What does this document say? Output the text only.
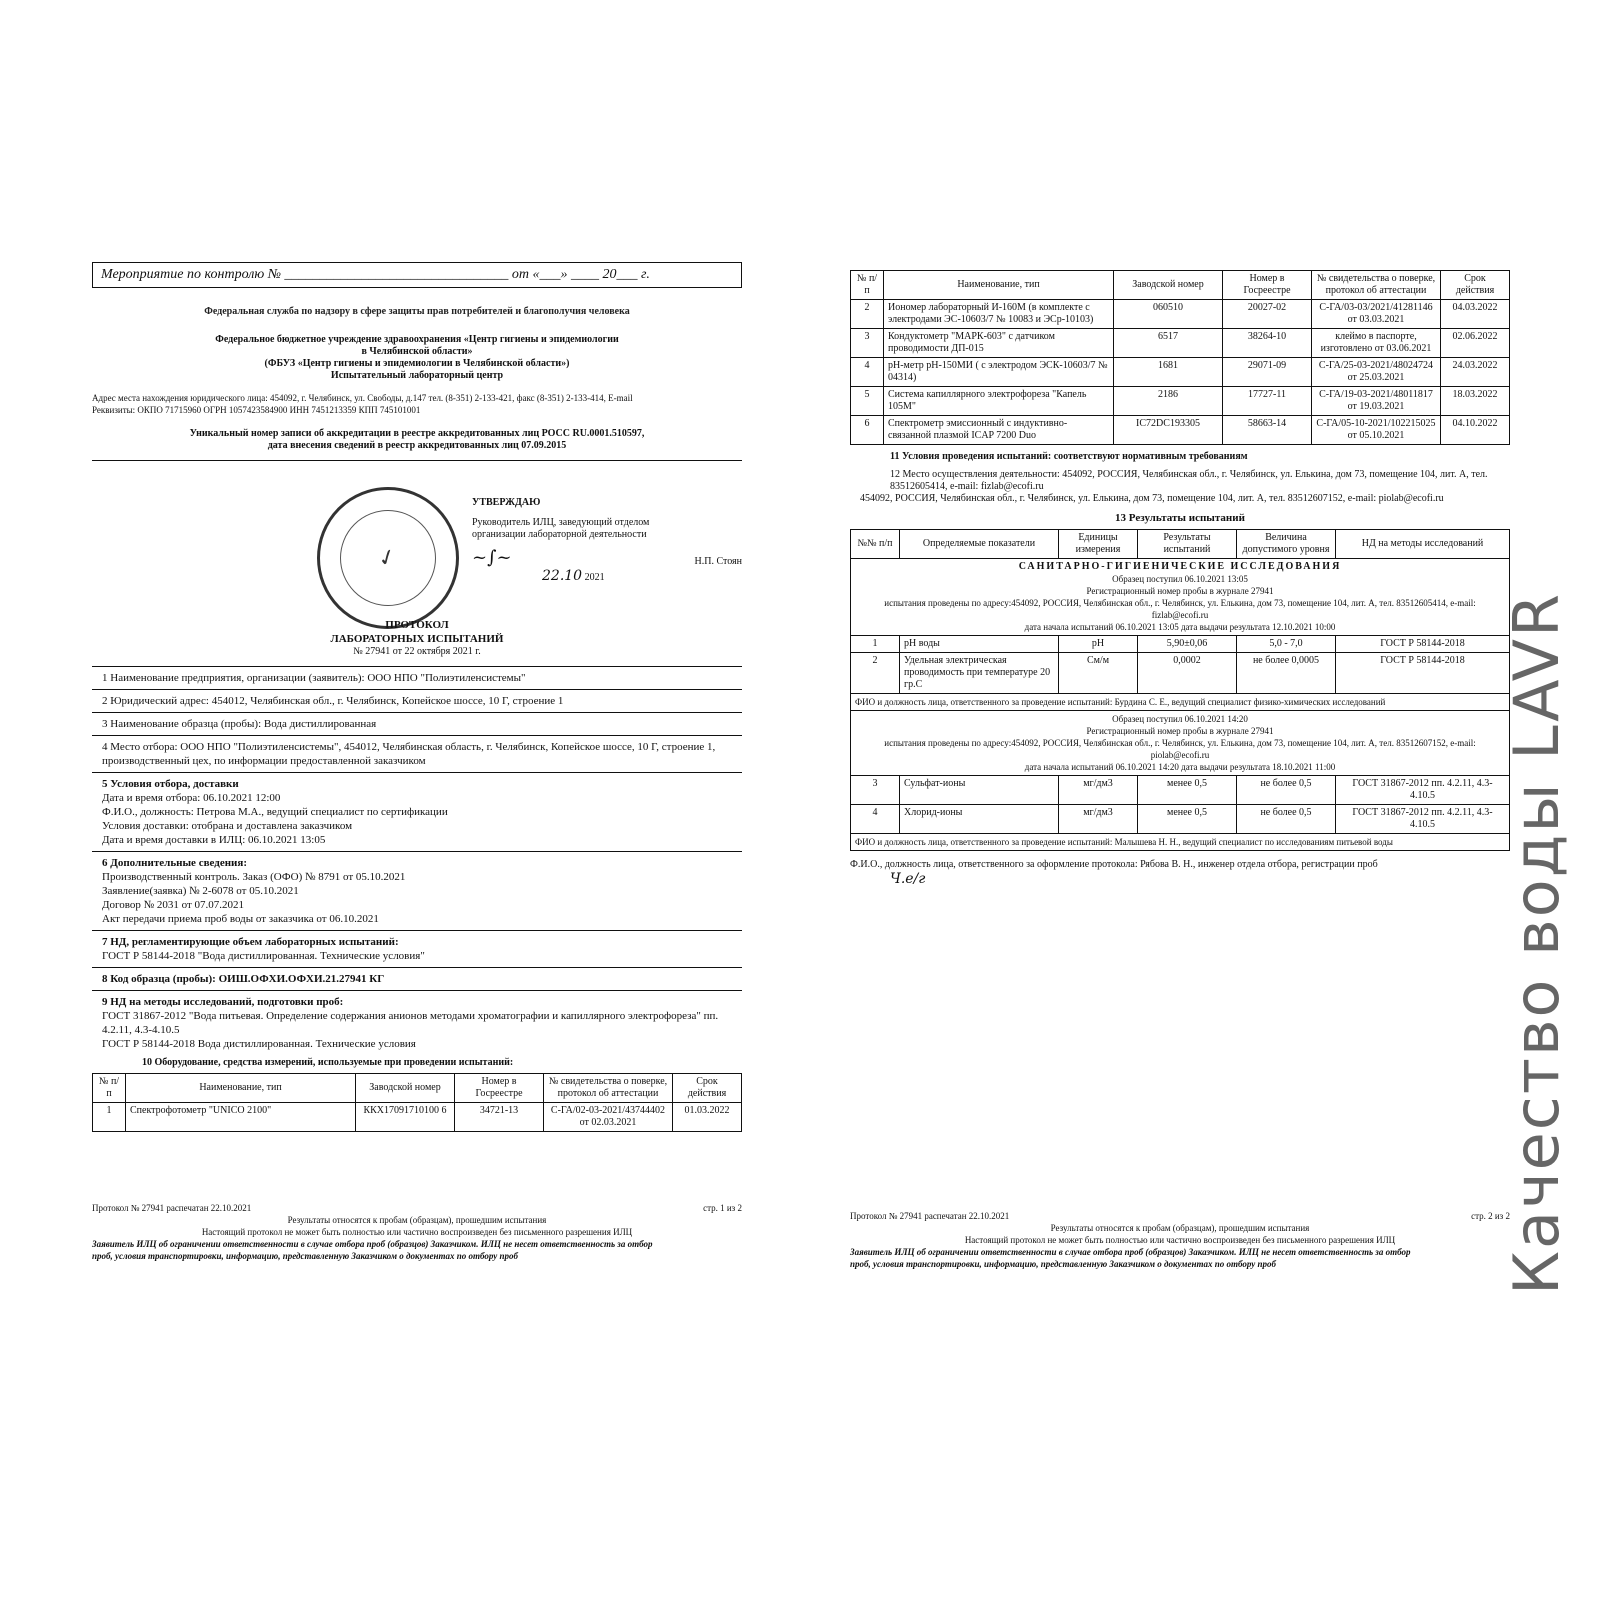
Мероприятие по контролю № ________________________________ от «___» ____ 20___ г.
Федеральная служба по надзору в сфере защиты прав потребителей и благополучия человека
Федеральное бюджетное учреждение здравоохранения «Центр гигиены и эпидемиологии
в Челябинской области»
(ФБУЗ «Центр гигиены и эпидемиологии в Челябинской области»)
Испытательный лабораторный центр
Адрес места нахождения юридического лица: 454092, г. Челябинск, ул. Свободы, д.147 тел. (8-351) 2-133-421, факс (8-351) 2-133-414, E-mail
Реквизиты: ОКПО 71715960 ОГРН 1057423584900 ИНН 7451213359 КПП 745101001
Уникальный номер записи об аккредитации в реестре аккредитованных лиц РОСС RU.0001.510597,
дата внесения сведений в реестр аккредитованных лиц 07.09.2015
✓
УТВЕРЖДАЮ
Руководитель ИЛЦ, заведующий отделом
организации лабораторной деятельности
~∫~	Н.П. Стоян
22.10 2021
ПРОТОКОЛ
ЛАБОРАТОРНЫХ ИСПЫТАНИЙ
№ 27941 от 22 октября 2021 г.
1 Наименование предприятия, организации (заявитель): ООО НПО "Полиэтиленсистемы"
2 Юридический адрес: 454012, Челябинская обл., г. Челябинск, Копейское шоссе, 10 Г, строение 1
3 Наименование образца (пробы): Вода дистиллированная
4 Место отбора: ООО НПО "Полиэтиленсистемы", 454012, Челябинская область, г. Челябинск, Копейское шоссе, 10 Г, строение 1, производственный цех, по информации предоставленной заказчиком
5 Условия отбора, доставки
Дата и время отбора: 06.10.2021 12:00
Ф.И.О., должность: Петрова М.А., ведущий специалист по сертификации
Условия доставки: отобрана и доставлена заказчиком
Дата и время доставки в ИЛЦ: 06.10.2021 13:05
6 Дополнительные сведения:
Производственный контроль. Заказ (ОФО) № 8791 от 05.10.2021
Заявление(заявка) № 2-6078 от 05.10.2021
Договор № 2031 от 07.07.2021
Акт передачи приема проб воды от заказчика от 06.10.2021
7 НД, регламентирующие объем лабораторных испытаний:
ГОСТ Р 58144-2018 "Вода дистиллированная. Технические условия"
8 Код образца (пробы): ОИШ.ОФХИ.ОФХИ.21.27941 КГ
9 НД на методы исследований, подготовки проб:
ГОСТ 31867-2012 "Вода питьевая. Определение содержания анионов методами хроматографии и капиллярного электрофореза" пп. 4.2.11, 4.3-4.10.5
ГОСТ Р 58144-2018 Вода дистиллированная. Технические условия
10 Оборудование, средства измерений, используемые при проведении испытаний:
№ п/п	Наименование, тип	Заводской номер	Номер в Госреестре	№ свидетельства о поверке, протокол об аттестации	Срок действия
1	Спектрофотометр "UNICO 2100"	ККХ17091710100 6	34721-13	С-ГА/02-03-2021/43744402 от 02.03.2021	01.03.2022
Протокол № 27941 распечатан 22.10.2021	стр. 1 из 2
Результаты относятся к пробам (образцам), прошедшим испытания
Настоящий протокол не может быть полностью или частично воспроизведен без письменного разрешения ИЛЦ
Заявитель ИЛЦ об ограничении ответственности в случае отбора проб (образцов) Заказчиком. ИЛЦ не несет ответственность за отбор
проб, условия транспортировки, информацию, представленную Заказчиком о документах по отбору проб
№ п/п	Наименование, тип	Заводской номер	Номер в Госреестре	№ свидетельства о поверке, протокол об аттестации	Срок действия
2	Иономер лабораторный И-160М (в комплекте с электродами ЭС-10603/7 № 10083 и ЭСр-10103)	060510	20027-02	С-ГА/03-03/2021/41281146 от 03.03.2021	04.03.2022
3	Кондуктометр "МАРК-603" с датчиком проводимости ДП-015	6517	38264-10	клеймо в паспорте, изготовлено от 03.06.2021	02.06.2022
4	pH-метр pH-150МИ ( с электродом ЭСК-10603/7 № 04314)	1681	29071-09	С-ГА/25-03-2021/48024724 от 25.03.2021	24.03.2022
5	Система капиллярного электрофореза "Капель 105М"	2186	17727-11	С-ГА/19-03-2021/48011817 от 19.03.2021	18.03.2022
6	Спектрометр эмиссионный с индуктивно-связанной плазмой ICAP 7200 Duo	IC72DC193305	58663-14	С-ГА/05-10-2021/102215025 от 05.10.2021	04.10.2022
11 Условия проведения испытаний: соответствуют нормативным требованиям
12 Место осуществления деятельности: 454092, РОССИЯ, Челябинская обл., г. Челябинск, ул. Елькина, дом 73, помещение 104, лит. А, тел. 83512605414, e-mail: fizlab@ecofi.ru
454092, РОССИЯ, Челябинская обл., г. Челябинск, ул. Елькина, дом 73, помещение 104, лит. А, тел. 83512607152, e-mail: piolab@ecofi.ru
13 Результаты испытаний
№№ п/п	Определяемые показатели	Единицы измерения	Результаты испытаний	Величина допустимого уровня	НД на методы исследований

САНИТАРНО-ГИГИЕНИЧЕСКИЕ ИССЛЕДОВАНИЯ
Образец поступил 06.10.2021 13:05
Регистрационный номер пробы в журнале 27941
испытания проведены по адресу:454092, РОССИЯ, Челябинская обл., г. Челябинск, ул. Елькина, дом 73, помещение 104, лит. А, тел. 83512605414, e-mail: fizlab@ecofi.ru
дата начала испытаний 06.10.2021 13:05 дата выдачи результата 12.10.2021 10:00					

1	pH воды	pH	5,90±0,06	5,0 - 7,0	ГОСТ Р 58144-2018
2	Удельная электрическая проводимость при температуре 20 гр.С	См/м	0,0002	не более 0,0005	ГОСТ Р 58144-2018
ФИО и должность лица, ответственного за проведение испытаний: Бурдина С. Е., ведущий специалист физико-химических исследований					

Образец поступил 06.10.2021 14:20
Регистрационный номер пробы в журнале 27941
испытания проведены по адресу:454092, РОССИЯ, Челябинская обл., г. Челябинск, ул. Елькина, дом 73, помещение 104, лит. А, тел. 83512607152, e-mail: piolab@ecofi.ru
дата начала испытаний 06.10.2021 14:20 дата выдачи результата 18.10.2021 11:00					

3	Сульфат-ионы	мг/дм3	менее 0,5	не более 0,5	ГОСТ 31867-2012 пп. 4.2.11, 4.3-4.10.5
4	Хлорид-ионы	мг/дм3	менее 0,5	не более 0,5	ГОСТ 31867-2012 пп. 4.2.11, 4.3-4.10.5
ФИО и должность лица, ответственного за проведение испытаний: Малышева Н. Н., ведущий специалист по исследованиям питьевой воды					
Ф.И.О., должность лица, ответственного за оформление протокола: Рябова В. Н., инженер отдела отбора, регистрации проб
Ч.е/г
Протокол № 27941 распечатан 22.10.2021	стр. 2 из 2
Результаты относятся к пробам (образцам), прошедшим испытания
Настоящий протокол не может быть полностью или частично воспроизведен без письменного разрешения ИЛЦ
Заявитель ИЛЦ об ограничении ответственности в случае отбора проб (образцов) Заказчиком. ИЛЦ не несет ответственность за отбор
проб, условия транспортировки, информацию, представленную Заказчиком о документах по отбору проб	Качество воды LAVR
